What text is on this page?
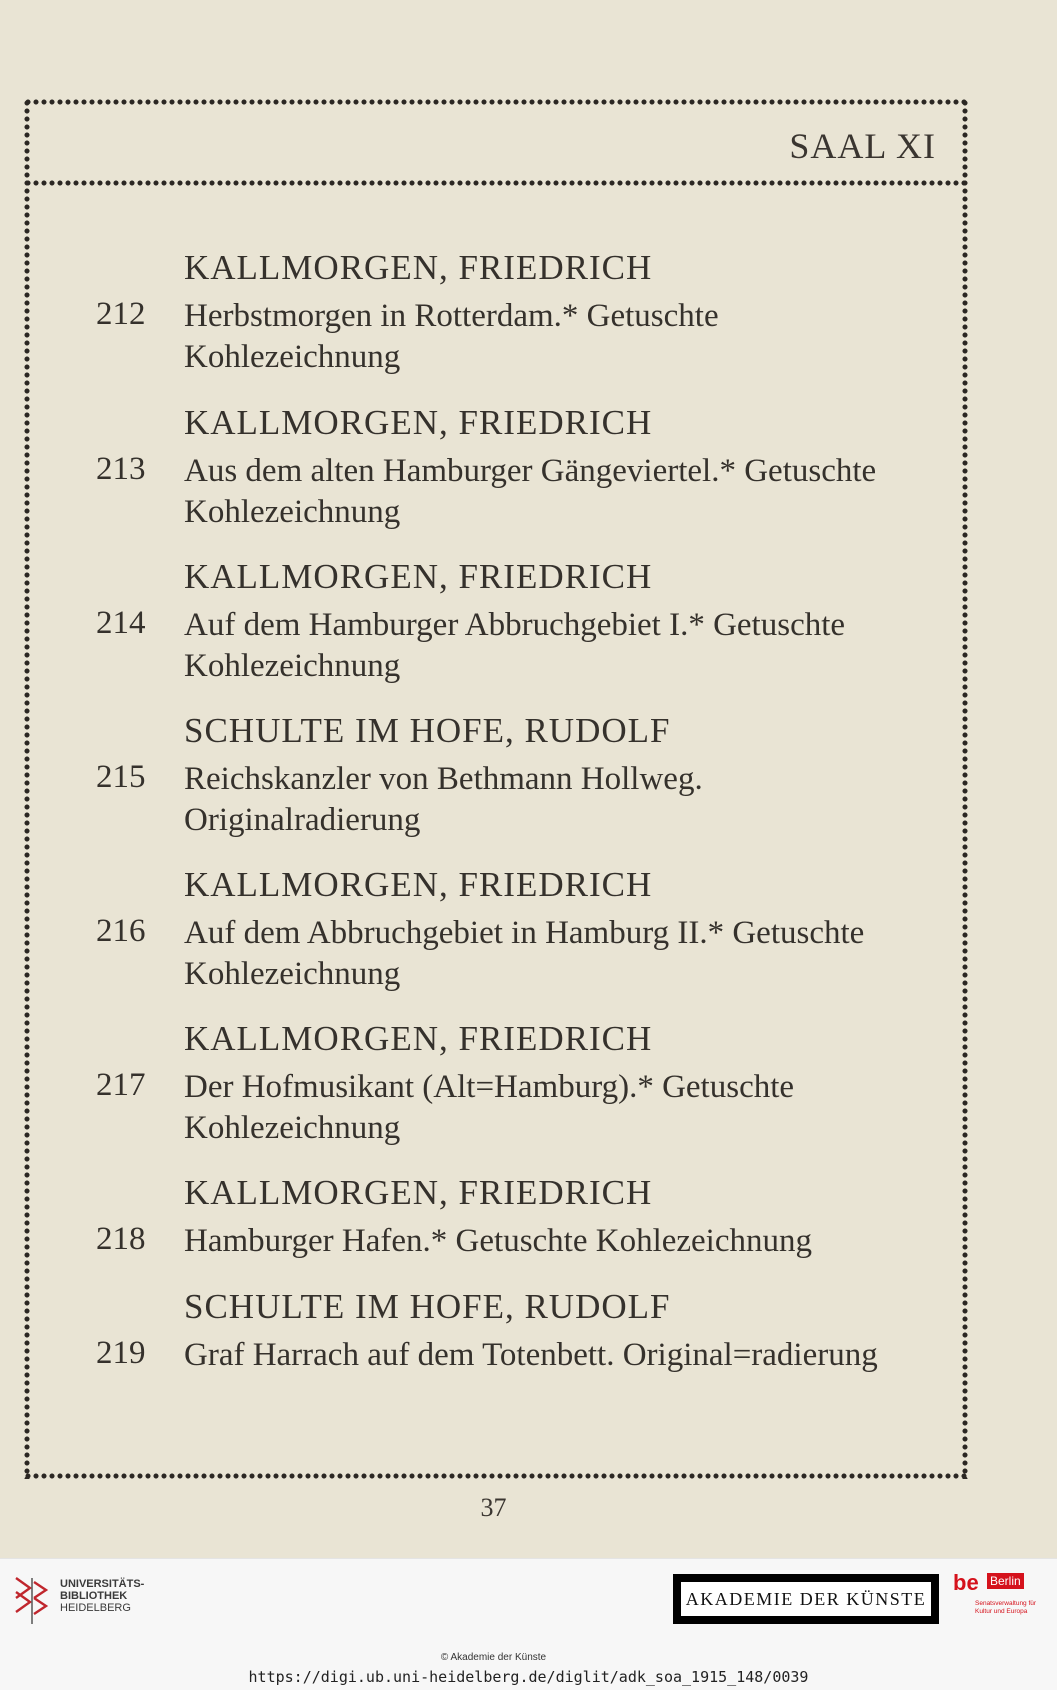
SAAL XI
KALLMORGEN, FRIEDRICH
212 Herbstmorgen in Rotterdam.* Getuschte Kohlezeichnung
KALLMORGEN, FRIEDRICH
213 Aus dem alten Hamburger Gängeviertel.* Getuschte Kohlezeichnung
KALLMORGEN, FRIEDRICH
214 Auf dem Hamburger Abbruchgebiet I.* Getuschte Kohlezeichnung
SCHULTE IM HOFE, RUDOLF
215 Reichskanzler von Bethmann Hollweg. Originalradierung
KALLMORGEN, FRIEDRICH
216 Auf dem Abbruchgebiet in Hamburg II.* Getuschte Kohlezeichnung
KALLMORGEN, FRIEDRICH
217 Der Hofmusikant (Alt=Hamburg).* Getuschte Kohlezeichnung
KALLMORGEN, FRIEDRICH
218 Hamburger Hafen.* Getuschte Kohlezeichnung
SCHULTE IM HOFE, RUDOLF
219 Graf Harrach auf dem Totenbett. Original=radierung
37
UNIVERSITÄTS-
BIBLIOTHEK
HEIDELBERG	AKADEMIE DER KÜNSTE
be Berlin
Senatsverwaltung für Kultur und Europa
© Akademie der Künste
https://digi.ub.uni-heidelberg.de/diglit/adk_soa_1915_148/0039
